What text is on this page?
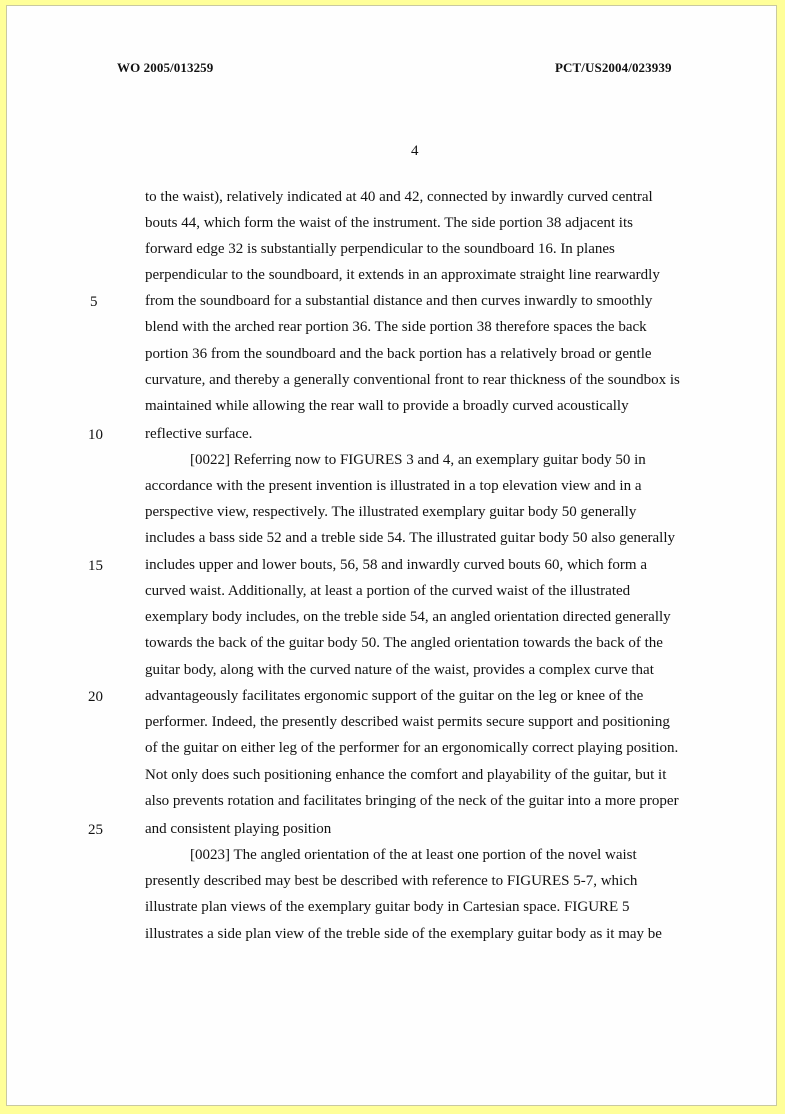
WO 2005/013259	PCT/US2004/023939
4
to the waist), relatively indicated at 40 and 42, connected by inwardly curved central
bouts 44, which form the waist of the instrument. The side portion 38 adjacent its
forward edge 32 is substantially perpendicular to the soundboard 16. In planes
perpendicular to the soundboard, it extends in an approximate straight line rearwardly
from the soundboard for a substantial distance and then curves inwardly to smoothly
blend with the arched rear portion 36. The side portion 38 therefore spaces the back
portion 36 from the soundboard and the back portion has a relatively broad or gentle
curvature, and thereby a generally conventional front to rear thickness of the soundbox is
maintained while allowing the rear wall to provide a broadly curved acoustically
reflective surface.
[0022] Referring now to FIGURES 3 and 4, an exemplary guitar body 50 in
accordance with the present invention is illustrated in a top elevation view and in a
perspective view, respectively. The illustrated exemplary guitar body 50 generally
includes a bass side 52 and a treble side 54. The illustrated guitar body 50 also generally
includes upper and lower bouts, 56, 58 and inwardly curved bouts 60, which form a
curved waist. Additionally, at least a portion of the curved waist of the illustrated
exemplary body includes, on the treble side 54, an angled orientation directed generally
towards the back of the guitar body 50. The angled orientation towards the back of the
guitar body, along with the curved nature of the waist, provides a complex curve that
advantageously facilitates ergonomic support of the guitar on the leg or knee of the
performer. Indeed, the presently described waist permits secure support and positioning
of the guitar on either leg of the performer for an ergonomically correct playing position.
Not only does such positioning enhance the comfort and playability of the guitar, but it
also prevents rotation and facilitates bringing of the neck of the guitar into a more proper
and consistent playing position
[0023] The angled orientation of the at least one portion of the novel waist
presently described may best be described with reference to FIGURES 5-7, which
illustrate plan views of the exemplary guitar body in Cartesian space. FIGURE 5
illustrates a side plan view of the treble side of the exemplary guitar body as it may be
5
10
15
20
25
